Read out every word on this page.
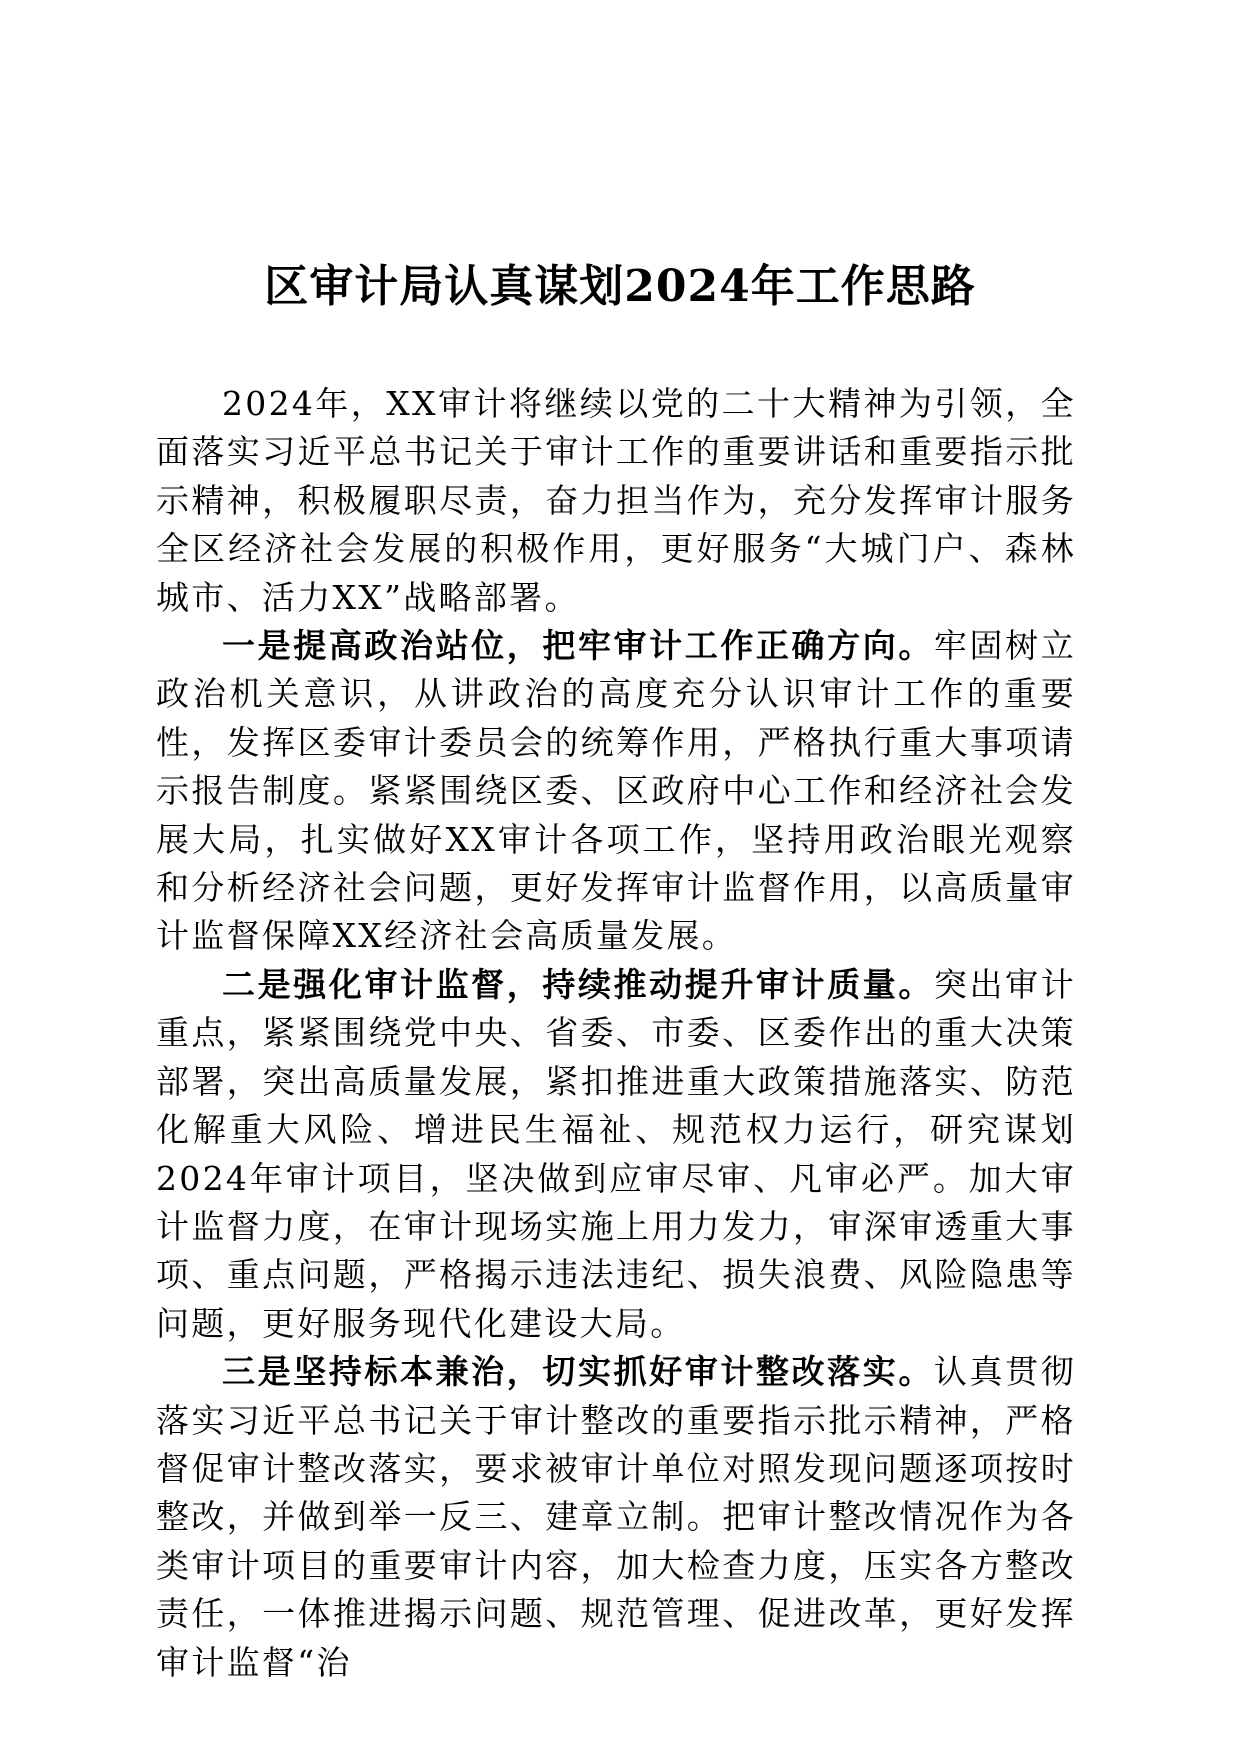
区审计局认真谋划2024年工作思路

2024年，XX审计将继续以党的二十大精神为引领，全面落实习近平总书记关于审计工作的重要讲话和重要指示批示精神，积极履职尽责，奋力担当作为，充分发挥审计服务全区经济社会发展的积极作用，更好服务“大城门户、森林城市、活力XX”战略部署。

一是提高政治站位，把牢审计工作正确方向。牢固树立政治机关意识，从讲政治的高度充分认识审计工作的重要性，发挥区委审计委员会的统筹作用，严格执行重大事项请示报告制度。紧紧围绕区委、区政府中心工作和经济社会发展大局，扎实做好XX审计各项工作，坚持用政治眼光观察和分析经济社会问题，更好发挥审计监督作用，以高质量审计监督保障XX经济社会高质量发展。

二是强化审计监督，持续推动提升审计质量。突出审计重点，紧紧围绕党中央、省委、市委、区委作出的重大决策部署，突出高质量发展，紧扣推进重大政策措施落实、防范化解重大风险、增进民生福祉、规范权力运行，研究谋划2024年审计项目，坚决做到应审尽审、凡审必严。加大审计监督力度，在审计现场实施上用力发力，审深审透重大事项、重点问题，严格揭示违法违纪、损失浪费、风险隐患等问题，更好服务现代化建设大局。

三是坚持标本兼治，切实抓好审计整改落实。认真贯彻落实习近平总书记关于审计整改的重要指示批示精神，严格督促审计整改落实，要求被审计单位对照发现问题逐项按时整改，并做到举一反三、建章立制。把审计整改情况作为各类审计项目的重要审计内容，加大检查力度，压实各方整改责任，一体推进揭示问题、规范管理、促进改革，更好发挥审计监督“治
